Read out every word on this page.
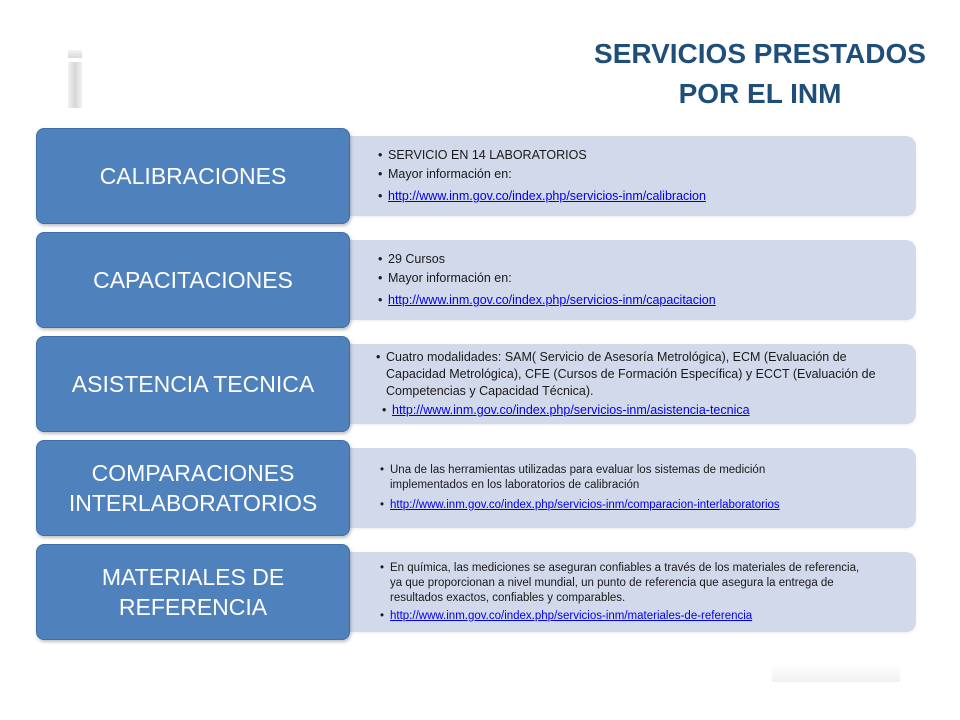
SERVICIOS PRESTADOS
POR EL INM
CALIBRACIONES
• SERVICIO EN 14 LABORATORIOS
• Mayor información en:
• http://www.inm.gov.co/index.php/servicios-inm/calibracion
CAPACITACIONES
• 29 Cursos
• Mayor información en:
• http://www.inm.gov.co/index.php/servicios-inm/capacitacion
ASISTENCIA TECNICA
• Cuatro modalidades: SAM( Servicio de Asesoría Metrológica), ECM (Evaluación de Capacidad Metrológica), CFE (Cursos de Formación Específica) y ECCT (Evaluación de Competencias y Capacidad Técnica).
• http://www.inm.gov.co/index.php/servicios-inm/asistencia-tecnica
COMPARACIONES INTERLABORATORIOS
• Una de las herramientas utilizadas para evaluar los sistemas de medición implementados en los laboratorios de calibración
• http://www.inm.gov.co/index.php/servicios-inm/comparacion-interlaboratorios
MATERIALES DE REFERENCIA
• En química, las mediciones se aseguran confiables a través de los materiales de referencia, ya que proporcionan a nivel mundial, un punto de referencia que asegura la entrega de resultados exactos, confiables y comparables.
• http://www.inm.gov.co/index.php/servicios-inm/materiales-de-referencia
